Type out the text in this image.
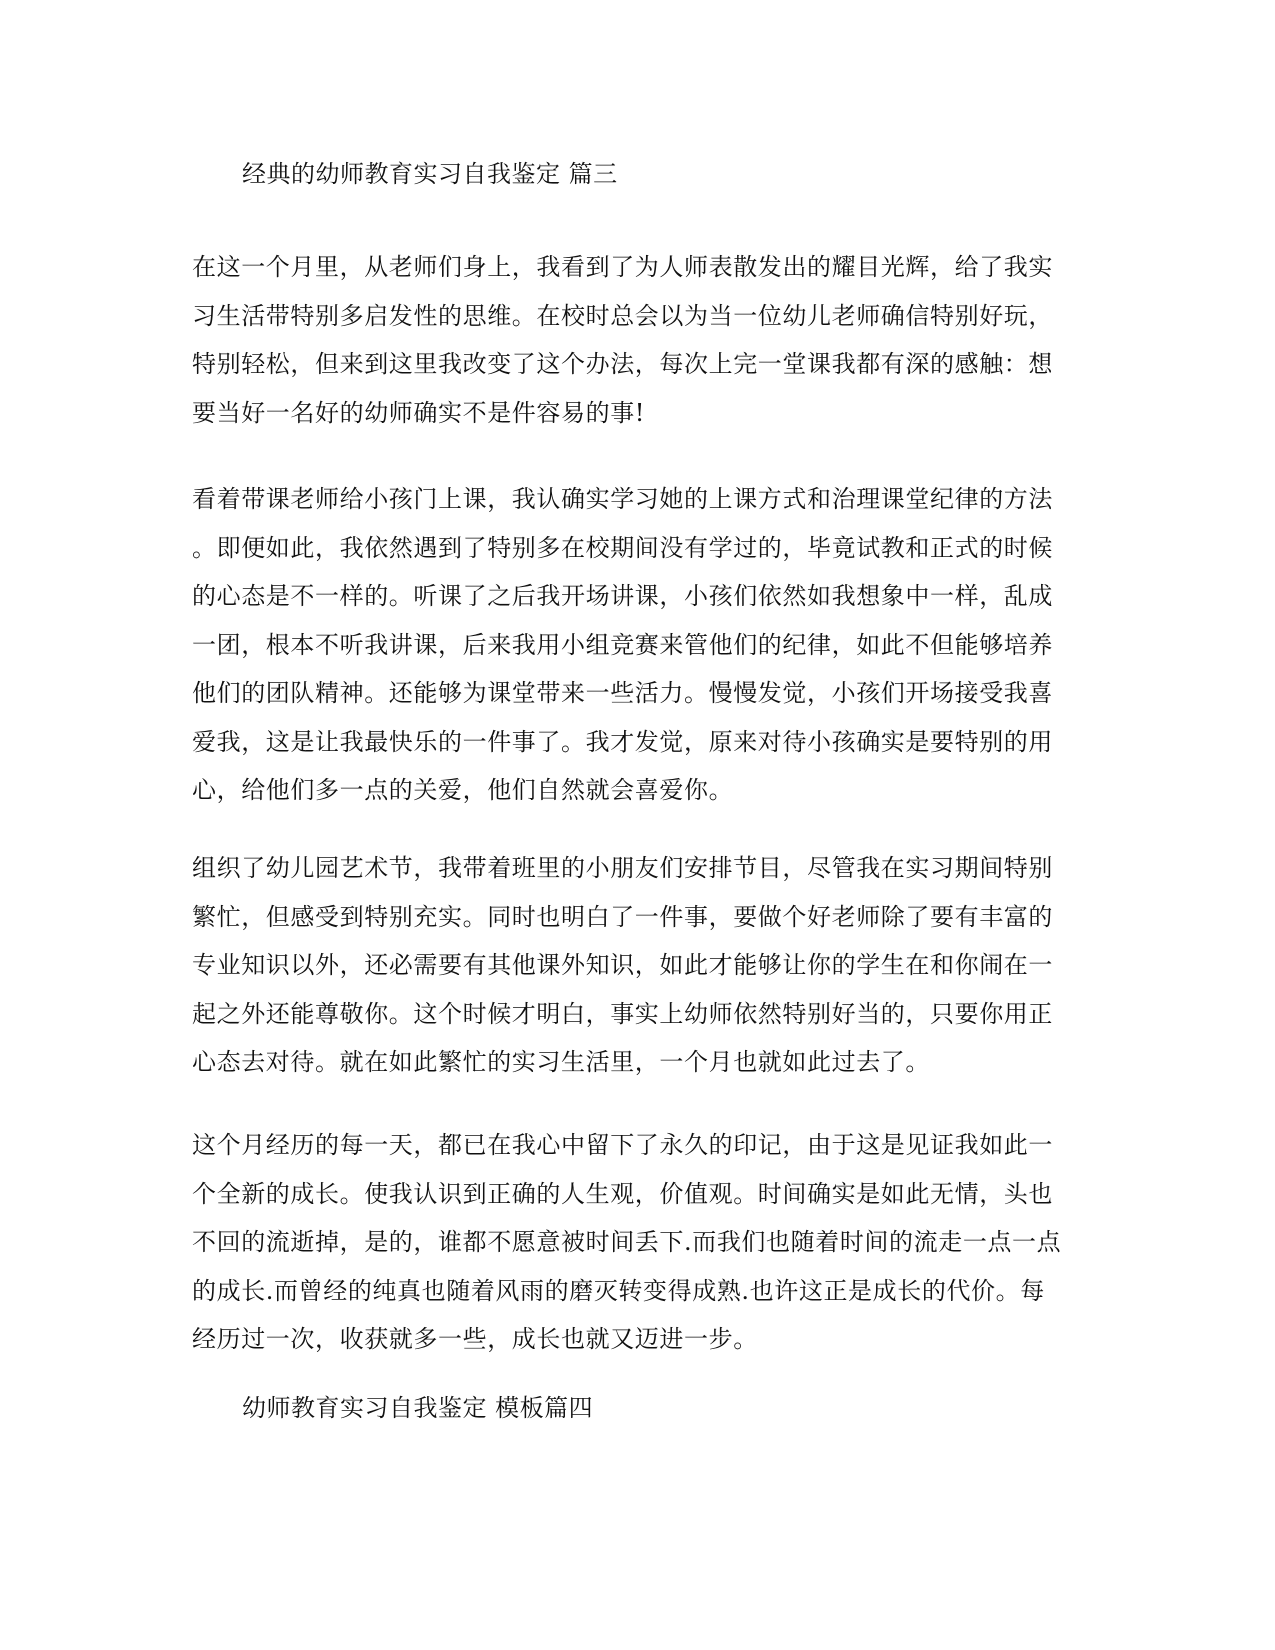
经典的幼师教育实习自我鉴定 篇三

在这一个月里，从老师们身上，我看到了为人师表散发出的耀目光辉，给了我实
习生活带特别多启发性的思维。在校时总会以为当一位幼儿老师确信特别好玩，
特别轻松，但来到这里我改变了这个办法，每次上完一堂课我都有深的感触：想
要当好一名好的幼师确实不是件容易的事!

看着带课老师给小孩门上课，我认确实学习她的上课方式和治理课堂纪律的方法
。即便如此，我依然遇到了特别多在校期间没有学过的，毕竟试教和正式的时候
的心态是不一样的。听课了之后我开场讲课，小孩们依然如我想象中一样，乱成
一团，根本不听我讲课，后来我用小组竞赛来管他们的纪律，如此不但能够培养
他们的团队精神。还能够为课堂带来一些活力。慢慢发觉，小孩们开场接受我喜
爱我，这是让我最快乐的一件事了。我才发觉，原来对待小孩确实是要特别的用
心，给他们多一点的关爱，他们自然就会喜爱你。

组织了幼儿园艺术节，我带着班里的小朋友们安排节目，尽管我在实习期间特别
繁忙，但感受到特别充实。同时也明白了一件事，要做个好老师除了要有丰富的
专业知识以外，还必需要有其他课外知识，如此才能够让你的学生在和你闹在一
起之外还能尊敬你。这个时候才明白，事实上幼师依然特别好当的，只要你用正
心态去对待。就在如此繁忙的实习生活里，一个月也就如此过去了。

这个月经历的每一天，都已在我心中留下了永久的印记，由于这是见证我如此一
个全新的成长。使我认识到正确的人生观，价值观。时间确实是如此无情，头也
不回的流逝掉，是的，谁都不愿意被时间丢下.而我们也随着时间的流走一点一点
的成长.而曾经的纯真也随着风雨的磨灭转变得成熟.也许这正是成长的代价。每
经历过一次，收获就多一些，成长也就又迈进一步。

幼师教育实习自我鉴定 模板篇四
